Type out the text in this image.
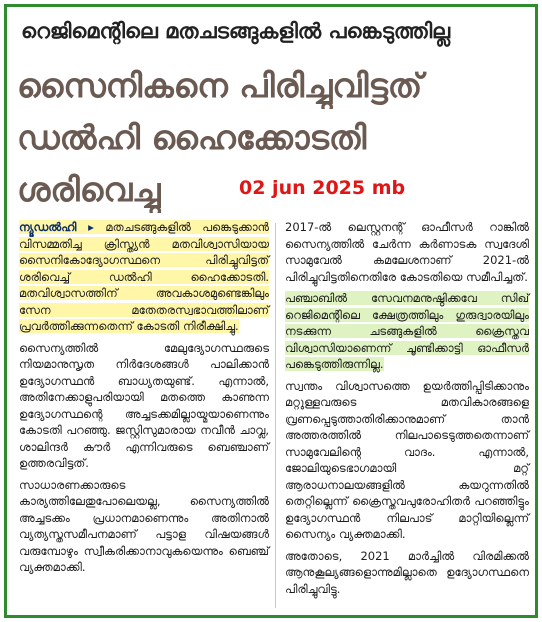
റെജിമെന്റിലെ മതചടങ്ങുകളിൽ പങ്കെടുത്തില്ല
സൈനികനെ പിരിച്ചുവിട്ടത്
ഡൽഹി ഹൈക്കോടതി
ശരിവെച്ചു	02 jun 2025 mb

ന്യൂഡൽഹി ▸ മതചടങ്ങുകളിൽ പങ്കെടുക്കാൻ വിസമ്മതിച്ച ക്രിസ്ത്യൻ മതവിശ്വാസിയായ സൈനികോദ്യോഗസ്ഥനെ പിരിച്ചുവിട്ടത് ശരിവെച്ച് ഡൽഹി ഹൈക്കോടതി. മതവിശ്വാസത്തിന് അവകാശമുണ്ടെങ്കിലും സേന മതേതരസ്വഭാവത്തിലാണ് പ്രവർത്തിക്കുന്നതെന്ന് കോടതി നിരീക്ഷിച്ചു.

സൈന്യത്തിൽ മേലുദ്യോഗസ്ഥരുടെ നിയമാനുസൃത നിർദേശങ്ങൾ പാലിക്കാൻ ഉദ്യോഗസ്ഥൻ ബാധ്യതയുണ്ട്. എന്നാൽ, അതിനേക്കാളുപരിയായി മതത്തെ കാണുന്ന ഉദ്യോഗസ്ഥന്റെ അച്ചടക്കമില്ലായ്മയാണെന്നും കോടതി പറഞ്ഞു. ജസ്റ്റിസുമാരായ നവീൻ ചാവ്ല, ശാലിന്ദർ കൗർ എന്നിവരുടെ ബെഞ്ചാണ് ഉത്തരവിട്ടത്.

സാധാരണക്കാരുടെ കാര്യത്തിലേതുപോലെയല്ല, സൈന്യത്തിൽ അച്ചടക്കം പ്രധാനമാണെന്നും അതിനാൽ വ്യത്യസ്തസമീപനമാണ് പട്ടാള വിഷയങ്ങൾ വരുമ്പോഴും സ്വീകരിക്കാനാവുകയെന്നും ബെഞ്ച് വ്യക്തമാക്കി.

2017-ൽ ലെസ്റ്റനന്റ് ഓഫീസർ റാങ്കിൽ സൈന്യത്തിൽ ചേർന്ന കർണാടക സ്വദേശി സാമുവേൽ കമലേശനാണ് 2021-ൽ പിരിച്ചുവിട്ടതിനെതിരേ കോടതിയെ സമീപിച്ചത്.

പഞ്ചാബിൽ സേവനമനുഷ്ഠിക്കവേ സിഖ് റെജിമെന്റിലെ ക്ഷേത്രത്തിലും ഗുരുദ്വാരയിലും നടക്കുന്ന ചടങ്ങുകളിൽ ക്രൈസ്തവ വിശ്വാസിയാണെന്ന് ചൂണ്ടിക്കാട്ടി ഓഫീസർ പങ്കെടുത്തിരുന്നില്ല.

സ്വന്തം വിശ്വാസത്തെ ഉയർത്തിപ്പിടിക്കാനും മറ്റുള്ളവരുടെ മതവികാരങ്ങളെ വ്രണപ്പെടുത്താതിരിക്കാനുമാണ് താൻ അത്തരത്തിൽ നിലപാടെടുത്തതെന്നാണ് സാമുവേലിന്റെ വാദം. എന്നാൽ, ജോലിയുടെഭാഗമായി മറ്റ് ആരാധനാലയങ്ങളിൽ കയറുന്നതിൽ തെറ്റില്ലെന്ന് ക്രൈസ്തവപുരോഹിതർ പറഞ്ഞിട്ടും ഉദ്യോഗസ്ഥൻ നിലപാട് മാറ്റിയില്ലെന്ന് സൈന്യം വ്യക്തമാക്കി.

അതോടെ, 2021 മാർച്ചിൽ വിരമിക്കൽ ആനുകൂല്യങ്ങളൊന്നുമില്ലാതെ ഉദ്യോഗസ്ഥനെ പിരിച്ചുവിട്ടു.
